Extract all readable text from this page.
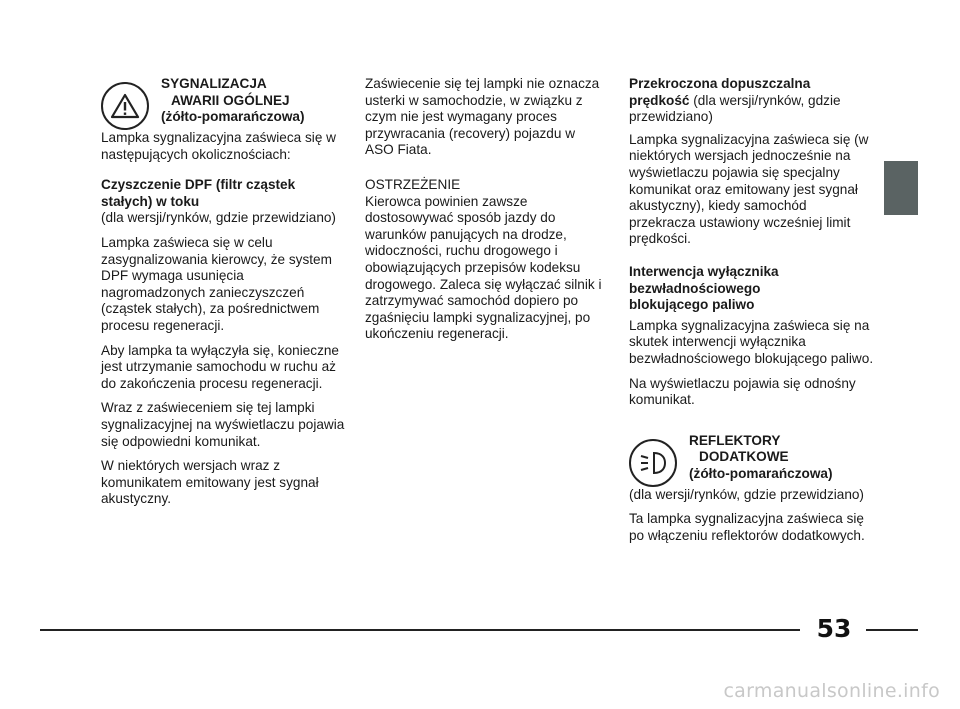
SYGNALIZACJA
AWARII OGÓLNEJ
(żółto-pomarańczowa)

Lampka sygnalizacyjna zaświeca się w następujących okolicznościach:

Czyszczenie DPF (filtr cząstek stałych) w toku

(dla wersji/rynków, gdzie przewidziano)

Lampka zaświeca się w celu zasygnalizowania kierowcy, że system DPF wymaga usunięcia nagromadzonych zanieczyszczeń (cząstek stałych), za pośrednictwem procesu regeneracji.

Aby lampka ta wyłączyła się, konieczne jest utrzymanie samochodu w ruchu aż do zakończenia procesu regeneracji.

Wraz z zaświeceniem się tej lampki sygnalizacyjnej na wyświetlaczu pojawia się odpowiedni komunikat.

W niektórych wersjach wraz z komunikatem emitowany jest sygnał akustyczny.

Zaświecenie się tej lampki nie oznacza usterki w samochodzie, w związku z czym nie jest wymagany proces przywracania (recovery) pojazdu w ASO Fiata.

OSTRZEŻENIE

Kierowca powinien zawsze dostosowywać sposób jazdy do warunków panujących na drodze, widoczności, ruchu drogowego i obowiązujących przepisów kodeksu drogowego. Zaleca się wyłączać silnik i zatrzymywać samochód dopiero po zgaśnięciu lampki sygnalizacyjnej, po ukończeniu regeneracji.

Przekroczona dopuszczalna
prędkość (dla wersji/rynków, gdzie przewidziano)

Lampka sygnalizacyjna zaświeca się (w niektórych wersjach jednocześnie na wyświetlaczu pojawia się specjalny komunikat oraz emitowany jest sygnał akustyczny), kiedy samochód przekracza ustawiony wcześniej limit prędkości.

Interwencja wyłącznika
bezwładnościowego
blokującego paliwo

Lampka sygnalizacyjna zaświeca się na skutek interwencji wyłącznika bezwładnościowego blokującego paliwo.

Na wyświetlaczu pojawia się odnośny komunikat.

REFLEKTORY
DODATKOWE
(żółto-pomarańczowa)

(dla wersji/rynków, gdzie przewidziano)

Ta lampka sygnalizacyjna zaświeca się po włączeniu reflektorów dodatkowych.

53
carmanualsonline.info
